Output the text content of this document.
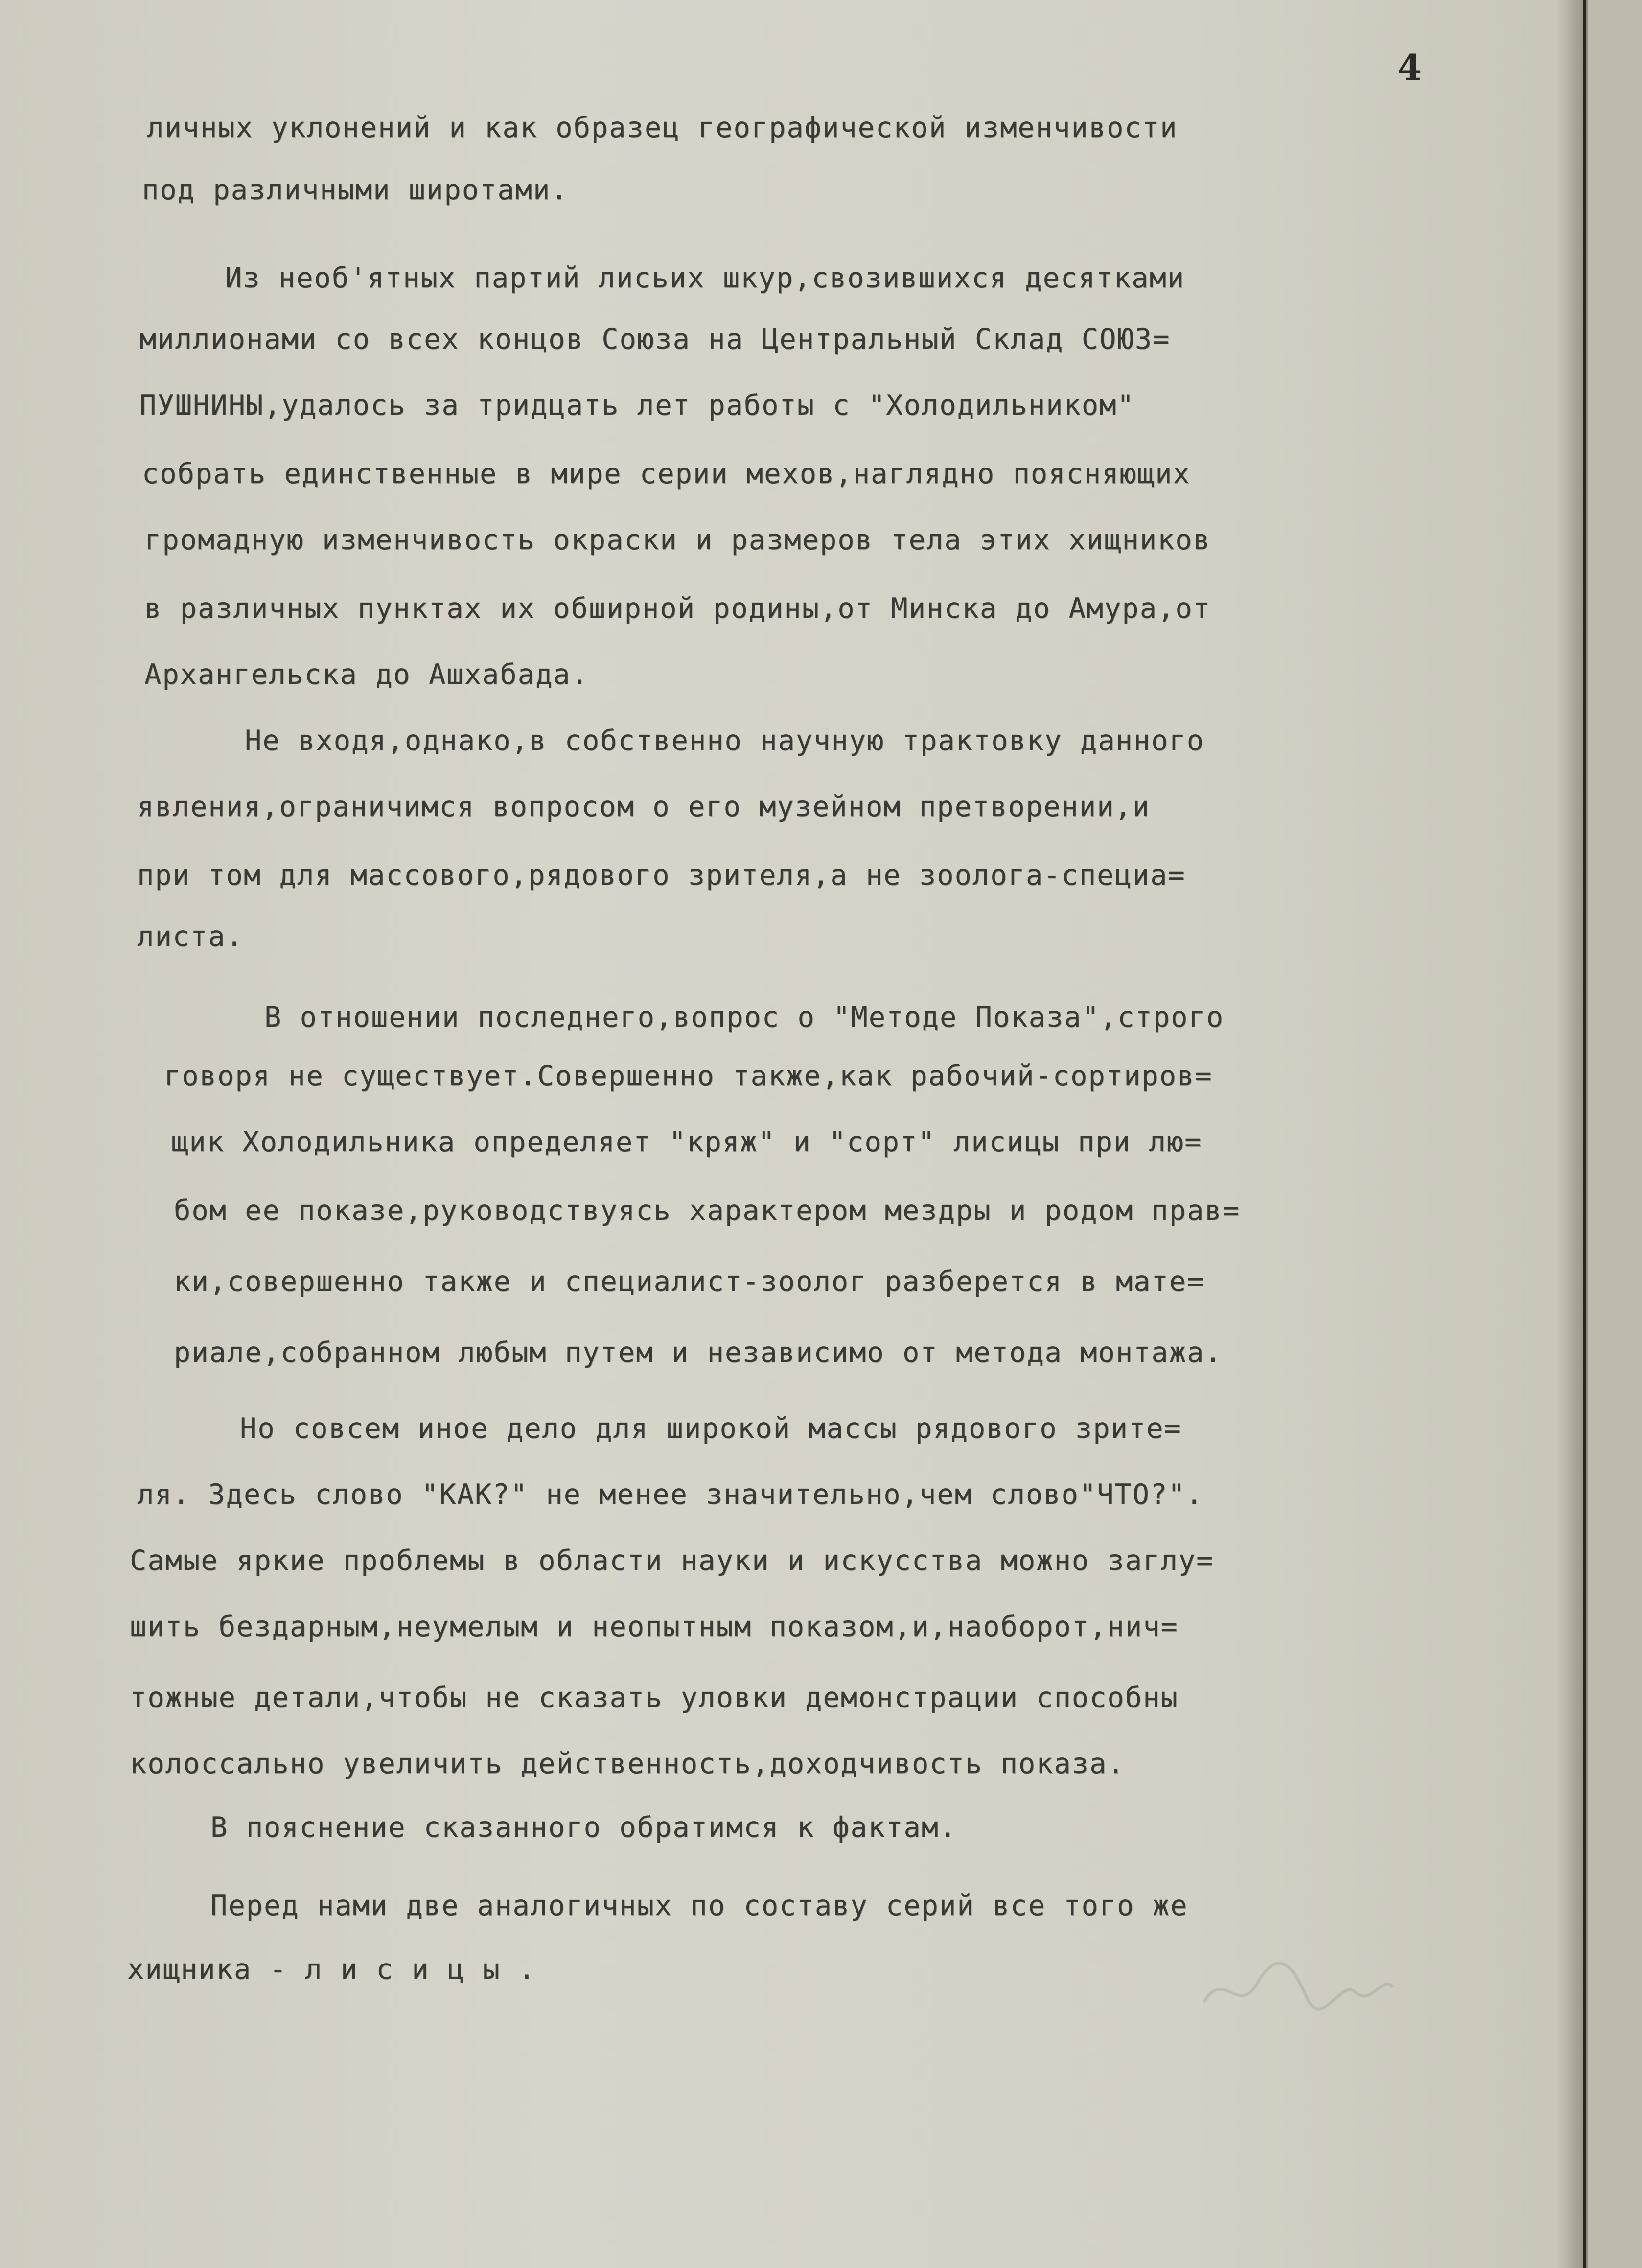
4
личных уклонений и как образец географической изменчивости
под различными широтами.
Из необ'ятных партий лисьих шкур,свозившихся десятками
миллионами со всех концов Союза на Центральный Склад СОЮЗ=
ПУШНИНЫ,удалось за тридцать лет работы с "Холодильником"
собрать единственные в мире серии мехов,наглядно поясняющих
громадную изменчивость окраски и размеров тела этих хищников
в различных пунктах их обширной родины,от Минска до Амура,от
Архангельска до Ашхабада.
Не входя,однако,в собственно научную трактовку данного
явления,ограничимся вопросом о его музейном претворении,и
при том для массового,рядового зрителя,а не зоолога-специа=
листа.
В отношении последнего,вопрос о "Методе Показа",строго
говоря не существует.Совершенно также,как рабочий-сортиров=
щик Холодильника определяет "кряж" и "сорт" лисицы при лю=
бом ее показе,руководствуясь характером мездры и родом прав=
ки,совершенно также и специалист-зоолог разберется в мате=
риале,собранном любым путем и независимо от метода монтажа.
Но совсем иное дело для широкой массы рядового зрите=
ля. Здесь слово "КАК?" не менее значительно,чем слово"ЧТО?".
Самые яркие проблемы в области науки и искусства можно заглу=
шить бездарным,неумелым и неопытным показом,и,наоборот,нич=
тожные детали,чтобы не сказать уловки демонстрации способны
колоссально увеличить действенность,доходчивость показа.
В пояснение сказанного обратимся к фактам.
Перед нами две аналогичных по составу серий все того же
хищника - л и с и ц ы .
